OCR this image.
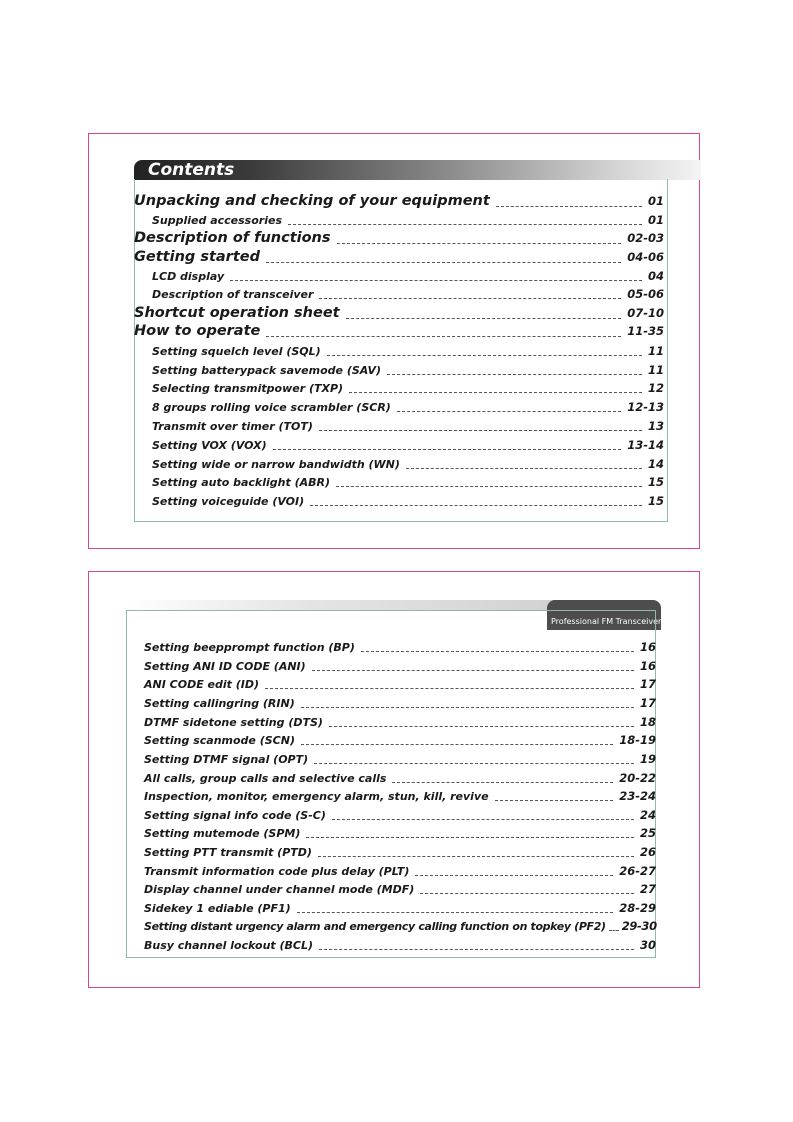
Contents
Unpacking and checking of your equipment	01
Supplied accessories	01
Description of functions	02-03
Getting started	04-06
LCD display	04
Description of transceiver	05-06
Shortcut operation sheet	07-10
How to operate	11-35
Setting squelch level (SQL)	11
Setting batterypack savemode (SAV)	11
Selecting transmitpower (TXP)	12
8 groups rolling voice scrambler (SCR)	12-13
Transmit over timer (TOT)	13
Setting VOX (VOX)	13-14
Setting wide or narrow bandwidth (WN)	14
Setting auto backlight (ABR)	15
Setting voiceguide (VOI)	15
Professional FM Transceiver
Setting beepprompt function (BP)	16
Setting ANI ID CODE (ANI)	16
ANI CODE edit (ID)	17
Setting callingring (RIN)	17
DTMF sidetone setting (DTS)	18
Setting scanmode (SCN)	18-19
Setting DTMF signal (OPT)	19
All calls, group calls and selective calls	20-22
Inspection, monitor, emergency alarm, stun, kill, revive	23-24
Setting signal info code (S-C)	24
Setting mutemode (SPM)	25
Setting PTT transmit (PTD)	26
Transmit information code plus delay (PLT)	26-27
Display channel under channel mode (MDF)	27
Sidekey 1 ediable (PF1)	28-29
Setting distant urgency alarm and emergency calling function on topkey (PF2) 29-30
Busy channel lockout (BCL)	30
